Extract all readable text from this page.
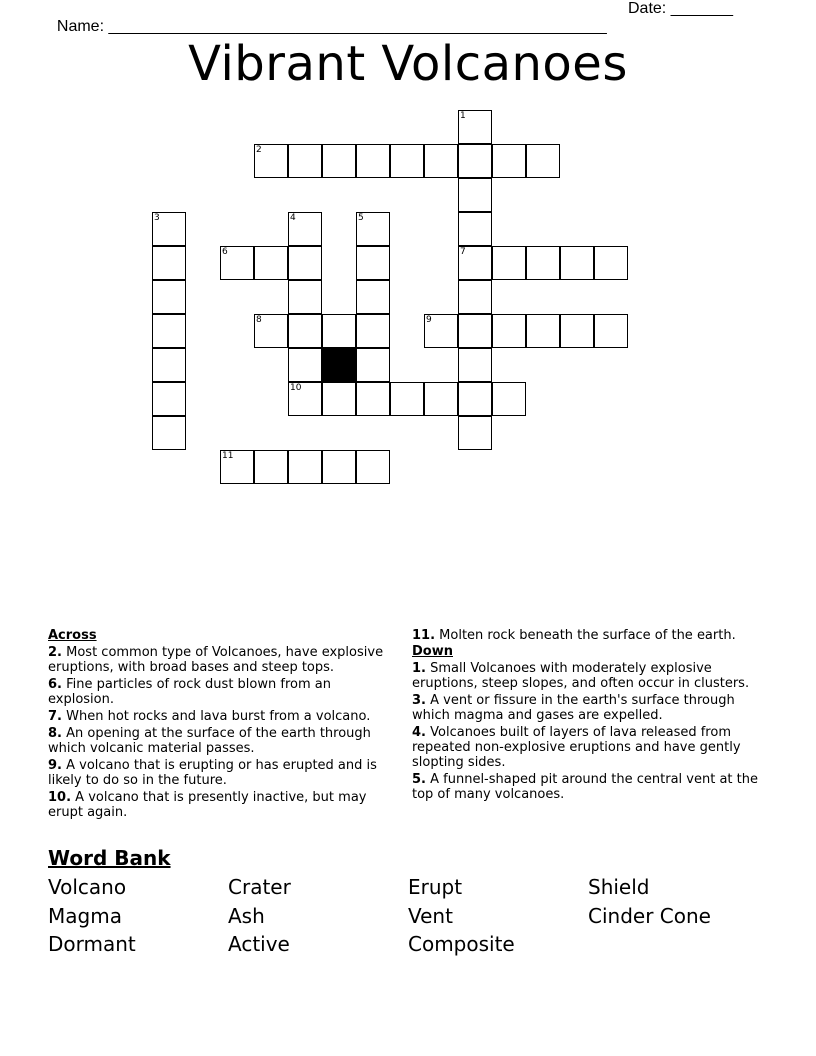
Name: ________________________________________________________

Date: _______

Vibrant Volcanoes
1
7
2
3	4	5
6
8	9
10
11
Across
2. Most common type of Volcanoes, have explosive eruptions, with broad bases and steep tops.
6. Fine particles of rock dust blown from an explosion.
7. When hot rocks and lava burst from a volcano.
8. An opening at the surface of the earth through which volcanic material passes.
9. A volcano that is erupting or has erupted and is likely to do so in the future.
10. A volcano that is presently inactive, but may erupt again.
11. Molten rock beneath the surface of the earth.
Down
1. Small Volcanoes with moderately explosive eruptions, steep slopes, and often occur in clusters.
3. A vent or fissure in the earth's surface through which magma and gases are expelled.
4. Volcanoes built of layers of lava released from repeated non-explosive eruptions and have gently slopting sides.
5. A funnel-shaped pit around the central vent at the top of many volcanoes.
Word Bank
Volcano	Crater	Erupt	Shield
Magma	Ash	Vent	Cinder Cone
Dormant	Active	Composite
